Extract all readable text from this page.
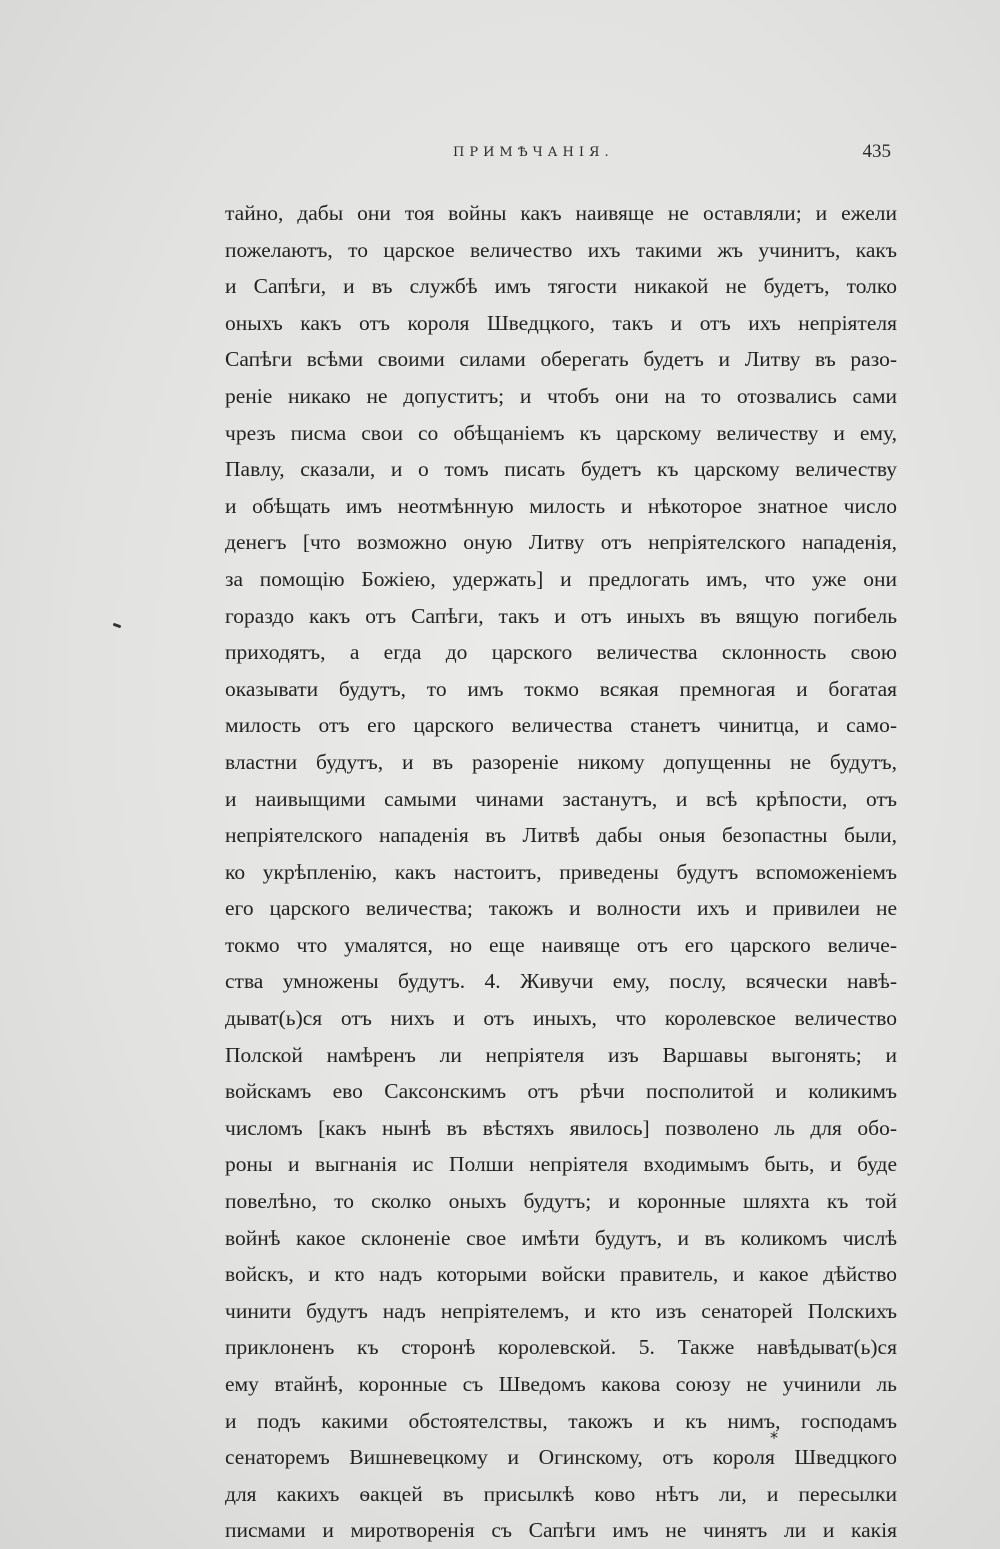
ПРИМѢЧАНІЯ.	435
тайно, дабы они тоя войны какъ наивяще не оставляли; и ежели
пожелаютъ, то царское величество ихъ такими жъ учинитъ, какъ
и Сапѣги, и въ службѣ имъ тягости никакой не будетъ, толко
оныхъ какъ отъ короля Шведцкого, такъ и отъ ихъ непріятеля
Сапѣги всѣми своими силами оберегать будетъ и Литву въ разо-
реніе никако не допуститъ; и чтобъ они на то отозвались сами
чрезъ писма свои со обѣщаніемъ къ царскому величеству и ему,
Павлу, сказали, и о томъ писать будетъ къ царскому величеству
и обѣщать имъ неотмѣнную милость и нѣкоторое знатное число
денегъ [что возможно оную Литву отъ непріятелского нападенія,
за помощію Божіею, удержать] и предлогать имъ, что уже они
гораздо какъ отъ Сапѣги, такъ и отъ иныхъ въ вящую погибель
приходятъ, а егда до царского величества склонность свою
оказывати будутъ, то имъ токмо всякая премногая и богатая
милость отъ его царского величества станетъ чинитца, и само-
властни будутъ, и въ разореніе никому допущенны не будутъ,
и наивыщими самыми чинами застанутъ, и всѣ крѣпости, отъ
непріятелского нападенія въ Литвѣ дабы оныя безопастны были,
ко укрѣпленію, какъ настоитъ, приведены будутъ вспоможеніемъ
его царского величества; такожъ и волности ихъ и привилеи не
токмо что умалятся, но еще наивяще отъ его царского величе-
ства умножены будутъ. 4. Живучи ему, послу, всячески навѣ-
дыват(ь)ся отъ нихъ и отъ иныхъ, что королевское величество
Полской намѣренъ ли непріятеля изъ Варшавы выгонять; и
войскамъ ево Саксонскимъ отъ рѣчи посполитой и коликимъ
числомъ [какъ нынѣ въ вѣстяхъ явилось] позволено ль для обо-
роны и выгнанія ис Полши непріятеля входимымъ быть, и буде
повелѣно, то сколко оныхъ будутъ; и коронные шляхта къ той
войнѣ какое склоненіе свое имѣти будутъ, и въ коликомъ числѣ
войскъ, и кто надъ которыми войски правитель, и какое дѣйство
чинити будутъ надъ непріятелемъ, и кто изъ сенаторей Полскихъ
приклоненъ къ сторонѣ королевской. 5. Также навѣдыват(ь)ся
ему втайнѣ, коронные съ Шведомъ какова союзу не учинили ль
и подъ какими обстоятелствы, такожъ и къ нимъ, господамъ
сенаторемъ Вишневецкому и Огинскому, отъ короля Шведцкого
для какихъ ѳакцей въ присылкѣ ково нѣтъ ли, и пересылки
писмами и миротворенія съ Сапѣги имъ не чинятъ ли и какія
*
